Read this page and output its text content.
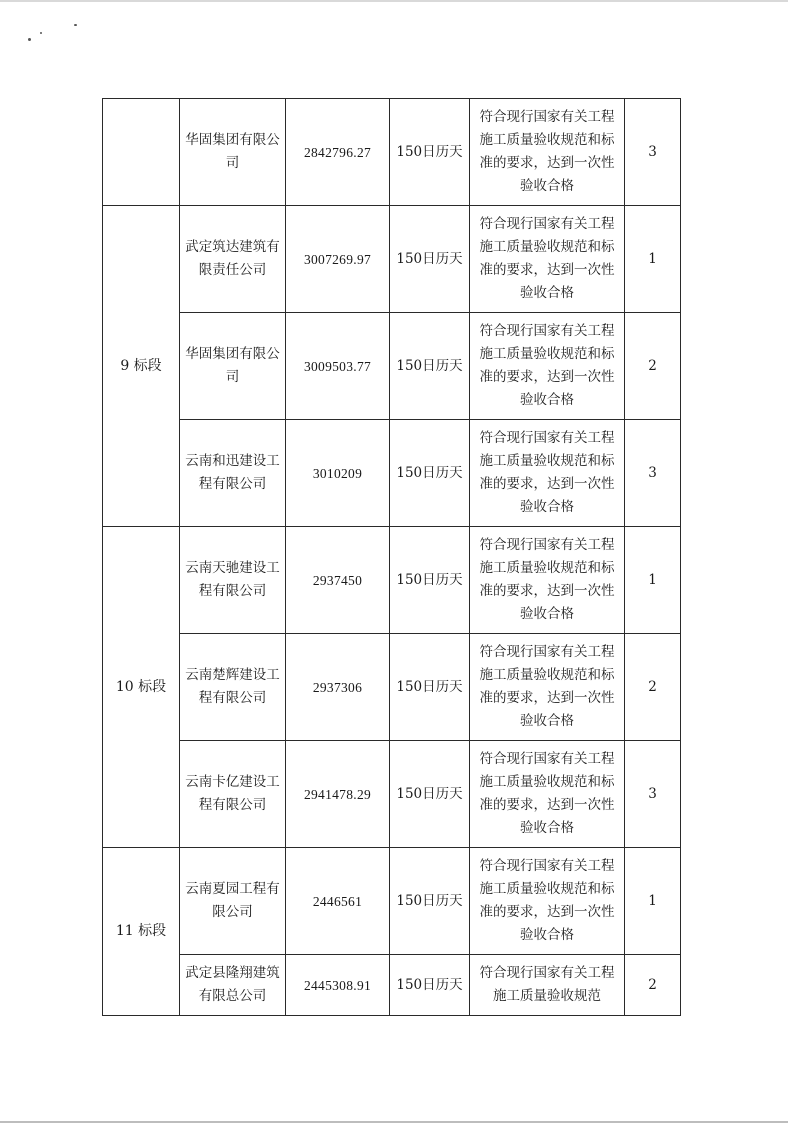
	华固集团有限公司	2842796.27	150日历天	符合现行国家有关工程施工质量验收规范和标准的要求，达到一次性验收合格	3
9 标段	武定筑达建筑有限责任公司	3007269.97	150日历天	符合现行国家有关工程施工质量验收规范和标准的要求，达到一次性验收合格	1
	华固集团有限公司	3009503.77	150日历天	符合现行国家有关工程施工质量验收规范和标准的要求，达到一次性验收合格	2
	云南和迅建设工程有限公司	3010209	150日历天	符合现行国家有关工程施工质量验收规范和标准的要求，达到一次性验收合格	3
10 标段	云南天驰建设工程有限公司	2937450	150日历天	符合现行国家有关工程施工质量验收规范和标准的要求，达到一次性验收合格	1
	云南楚辉建设工程有限公司	2937306	150日历天	符合现行国家有关工程施工质量验收规范和标准的要求，达到一次性验收合格	2
	云南卡亿建设工程有限公司	2941478.29	150日历天	符合现行国家有关工程施工质量验收规范和标准的要求，达到一次性验收合格	3
11 标段	云南夏园工程有限公司	2446561	150日历天	符合现行国家有关工程施工质量验收规范和标准的要求，达到一次性验收合格	1
	武定县隆翔建筑有限总公司	2445308.91	150日历天	符合现行国家有关工程施工质量验收规范	2
